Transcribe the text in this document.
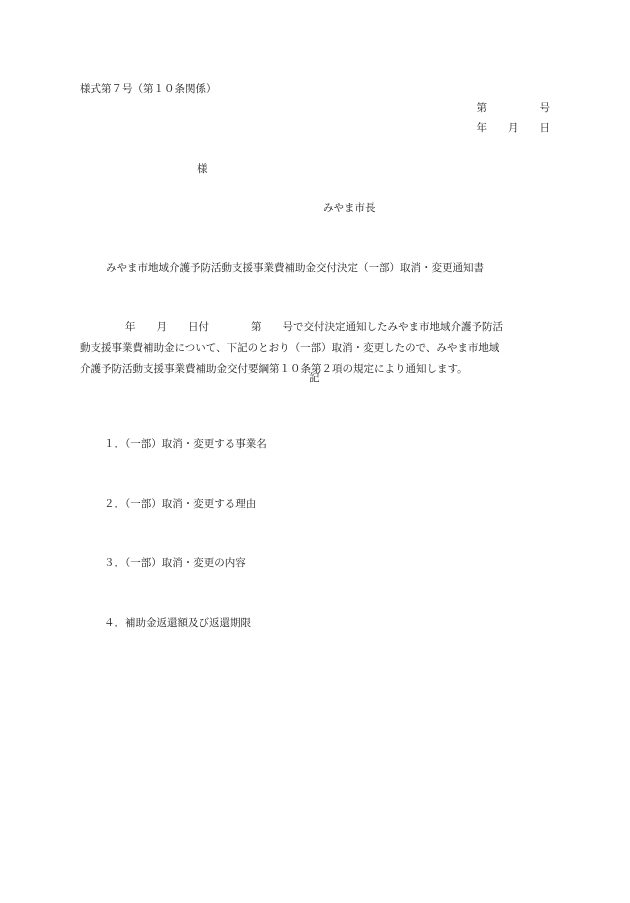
様式第７号（第１０条関係）
第　　　　　号
年　　月　　日
様
みやま市長
みやま市地域介護予防活動支援事業費補助金交付決定（一部）取消・変更通知書

年　　月　　日付　　　　第　　号で交付決定通知したみやま市地域介護予防活

動支援事業費補助金について、下記のとおり（一部）取消・変更したので、みやま市地域

介護予防活動支援事業費補助金交付要綱第１０条第２項の規定により通知します。

記
１．（一部）取消・変更する事業名
２．（一部）取消・変更する理由
３．（一部）取消・変更の内容
４．補助金返還額及び返還期限
